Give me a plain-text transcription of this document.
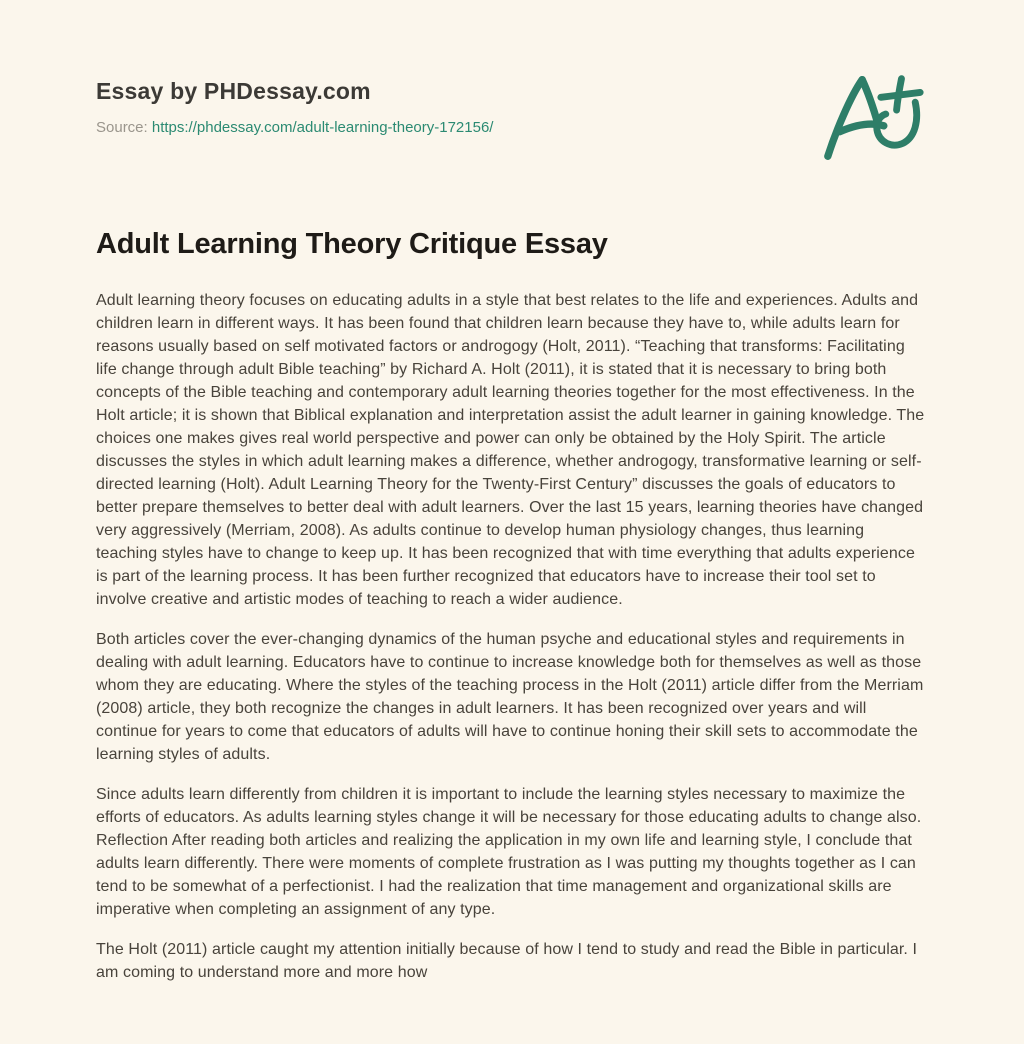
Essay by PHDessay.com
Source: https://phdessay.com/adult-learning-theory-172156/
Adult Learning Theory Critique Essay

Adult learning theory focuses on educating adults in a style that best relates to the life and experiences. Adults and children learn in different ways. It has been found that children learn because they have to, while adults learn for reasons usually based on self motivated factors or androgogy (Holt, 2011). “Teaching that transforms: Facilitating life change through adult Bible teaching” by Richard A. Holt (2011), it is stated that it is necessary to bring both concepts of the Bible teaching and contemporary adult learning theories together for the most effectiveness. In the Holt article; it is shown that Biblical explanation and interpretation assist the adult learner in gaining knowledge. The choices one makes gives real world perspective and power can only be obtained by the Holy Spirit. The article discusses the styles in which adult learning makes a difference, whether androgogy, transformative learning or self-directed learning (Holt). Adult Learning Theory for the Twenty-First Century” discusses the goals of educators to better prepare themselves to better deal with adult learners. Over the last 15 years, learning theories have changed very aggressively (Merriam, 2008). As adults continue to develop human physiology changes, thus learning teaching styles have to change to keep up. It has been recognized that with time everything that adults experience is part of the learning process. It has been further recognized that educators have to increase their tool set to involve creative and artistic modes of teaching to reach a wider audience.

Both articles cover the ever-changing dynamics of the human psyche and educational styles and requirements in dealing with adult learning. Educators have to continue to increase knowledge both for themselves as well as those whom they are educating. Where the styles of the teaching process in the Holt (2011) article differ from the Merriam (2008) article, they both recognize the changes in adult learners. It has been recognized over years and will continue for years to come that educators of adults will have to continue honing their skill sets to accommodate the learning styles of adults.

Since adults learn differently from children it is important to include the learning styles necessary to maximize the efforts of educators. As adults learning styles change it will be necessary for those educating adults to change also. Reflection After reading both articles and realizing the application in my own life and learning style, I conclude that adults learn differently. There were moments of complete frustration as I was putting my thoughts together as I can tend to be somewhat of a perfectionist. I had the realization that time management and organizational skills are imperative when completing an assignment of any type.

The Holt (2011) article caught my attention initially because of how I tend to study and read the Bible in particular. I am coming to understand more and more how
